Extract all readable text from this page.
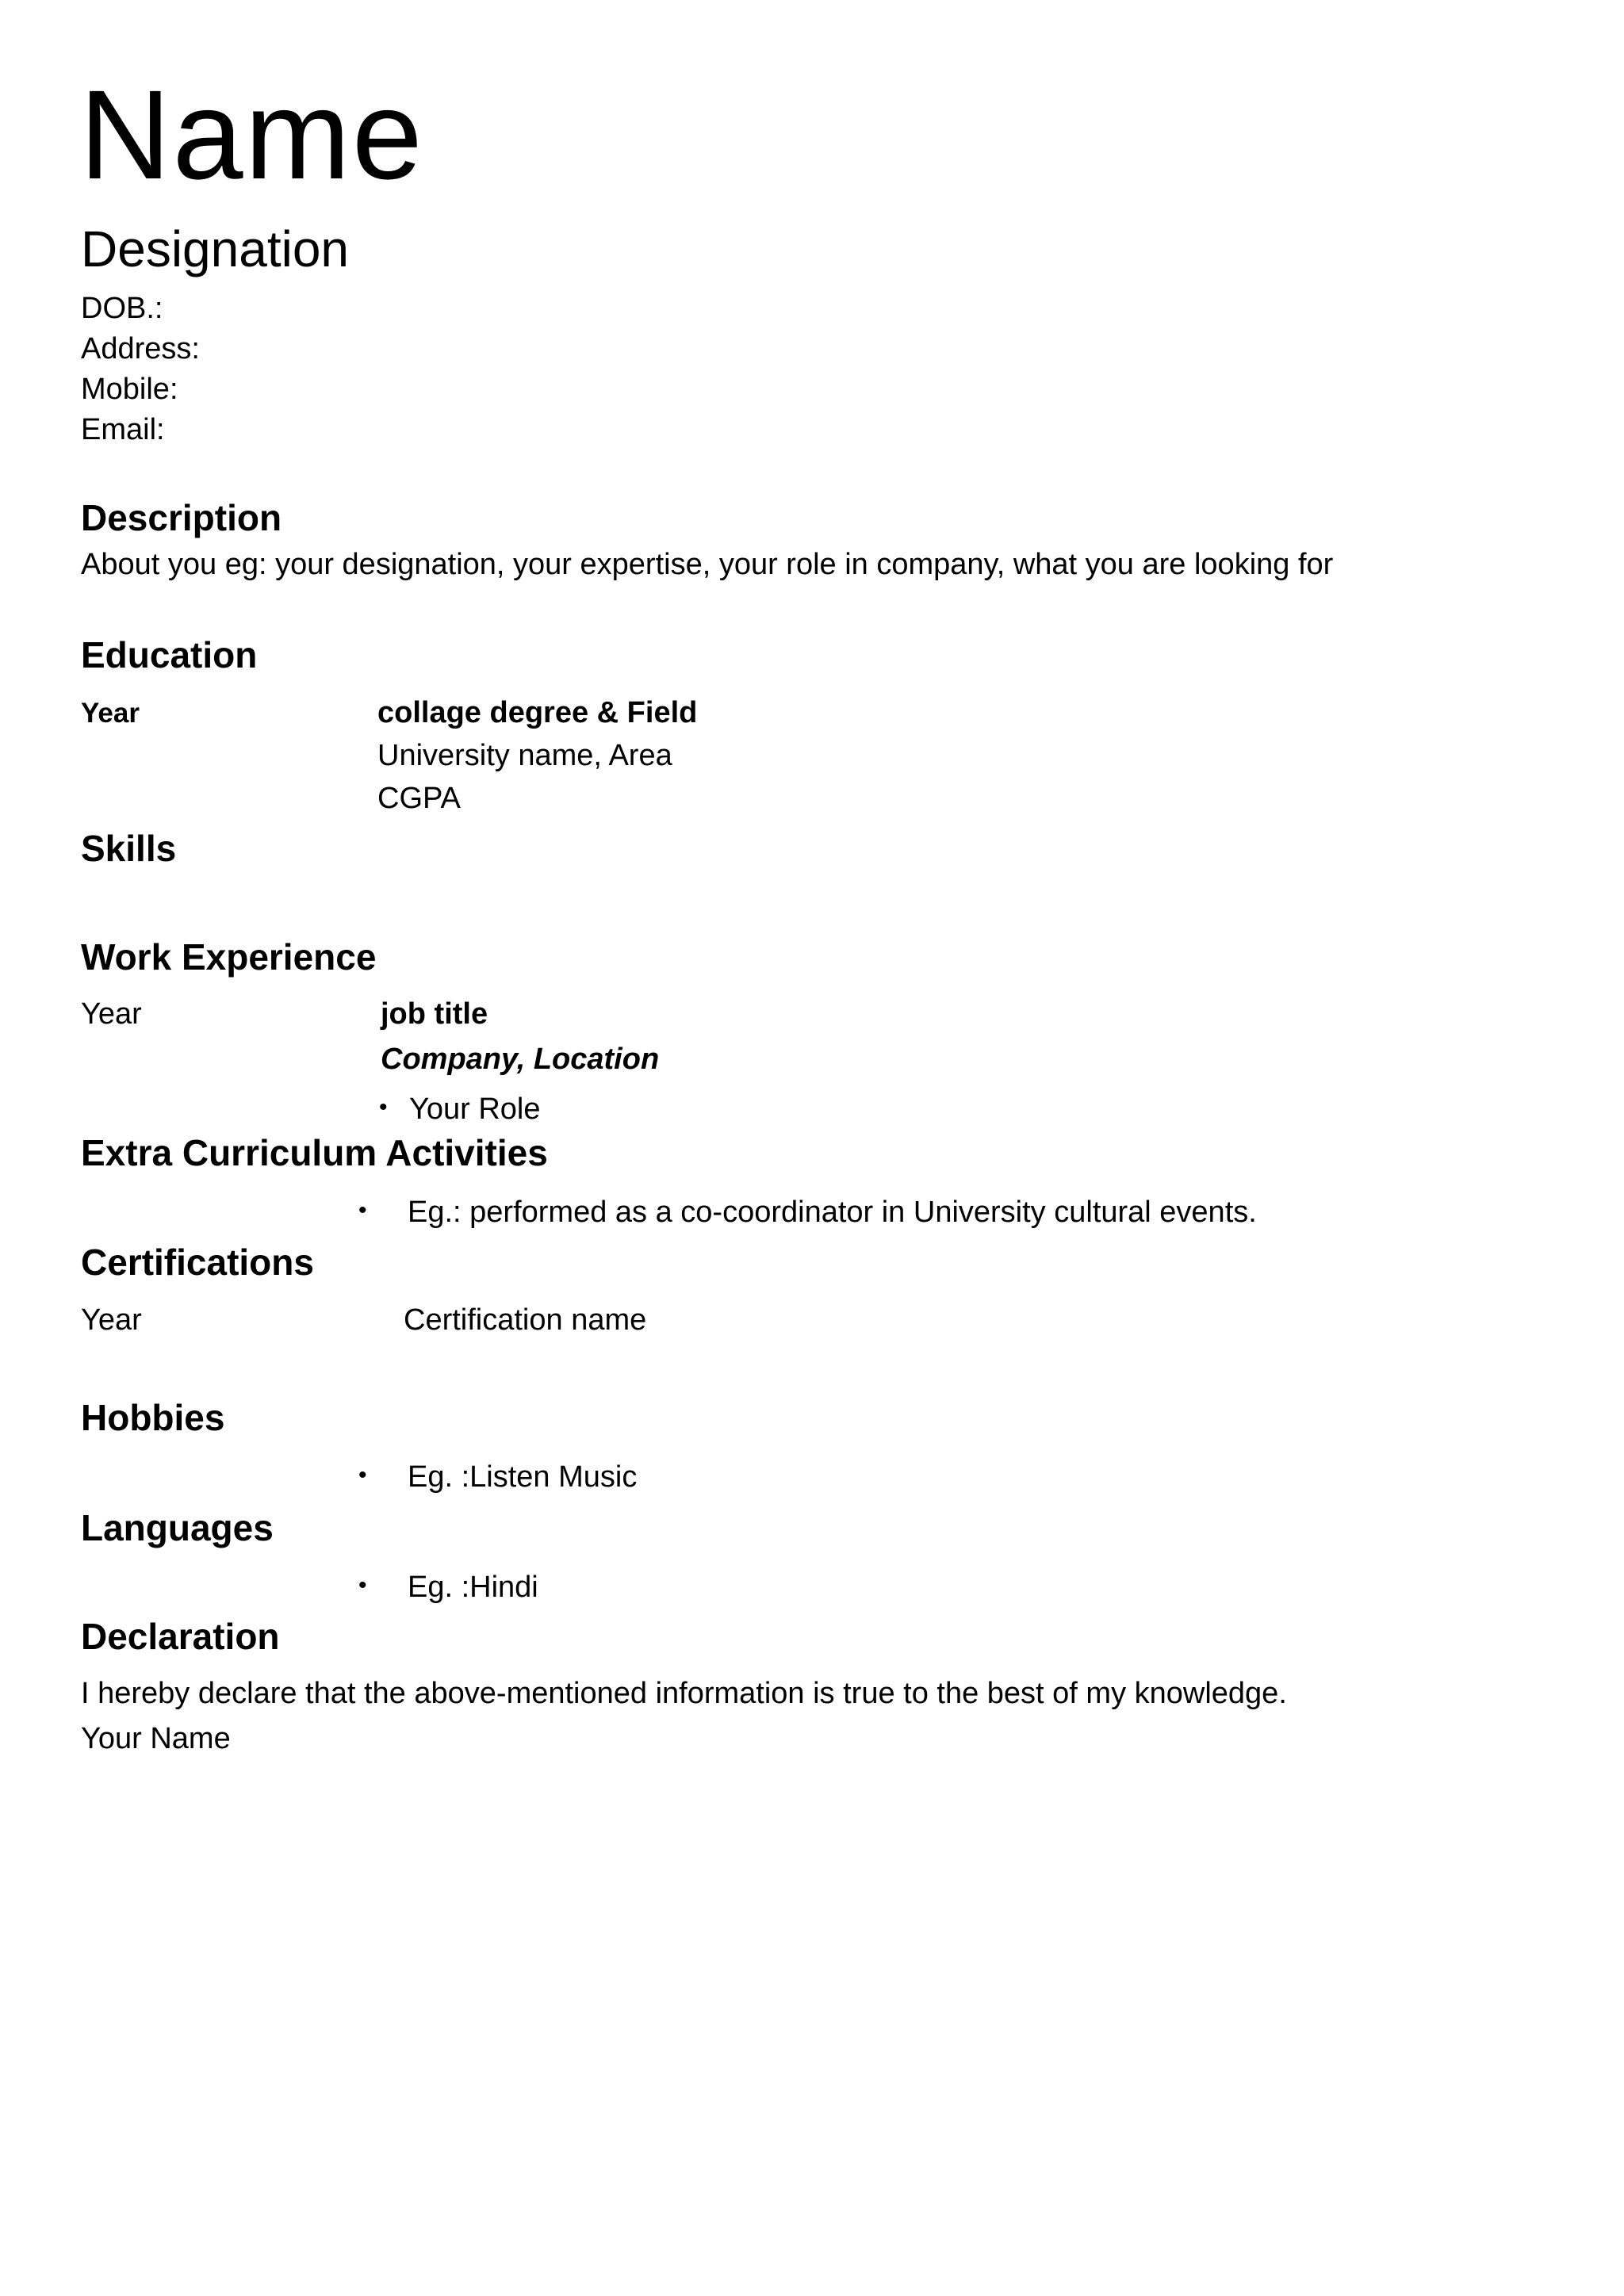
Name
Designation
DOB.:
Address:
Mobile:
Email:
Description
About you eg: your designation, your expertise, your role in company, what you are looking for
Education
Year	collage degree & Field
University name, Area
CGPA
Skills
Work Experience
Year	job title
Company, Location
• Your Role
Extra Curriculum Activities
• Eg.: performed as a co-coordinator in University cultural events.
Certifications
Year	Certification name
Hobbies
• Eg. :Listen Music
Languages
• Eg. :Hindi
Declaration
I hereby declare that the above-mentioned information is true to the best of my knowledge.
Your Name
